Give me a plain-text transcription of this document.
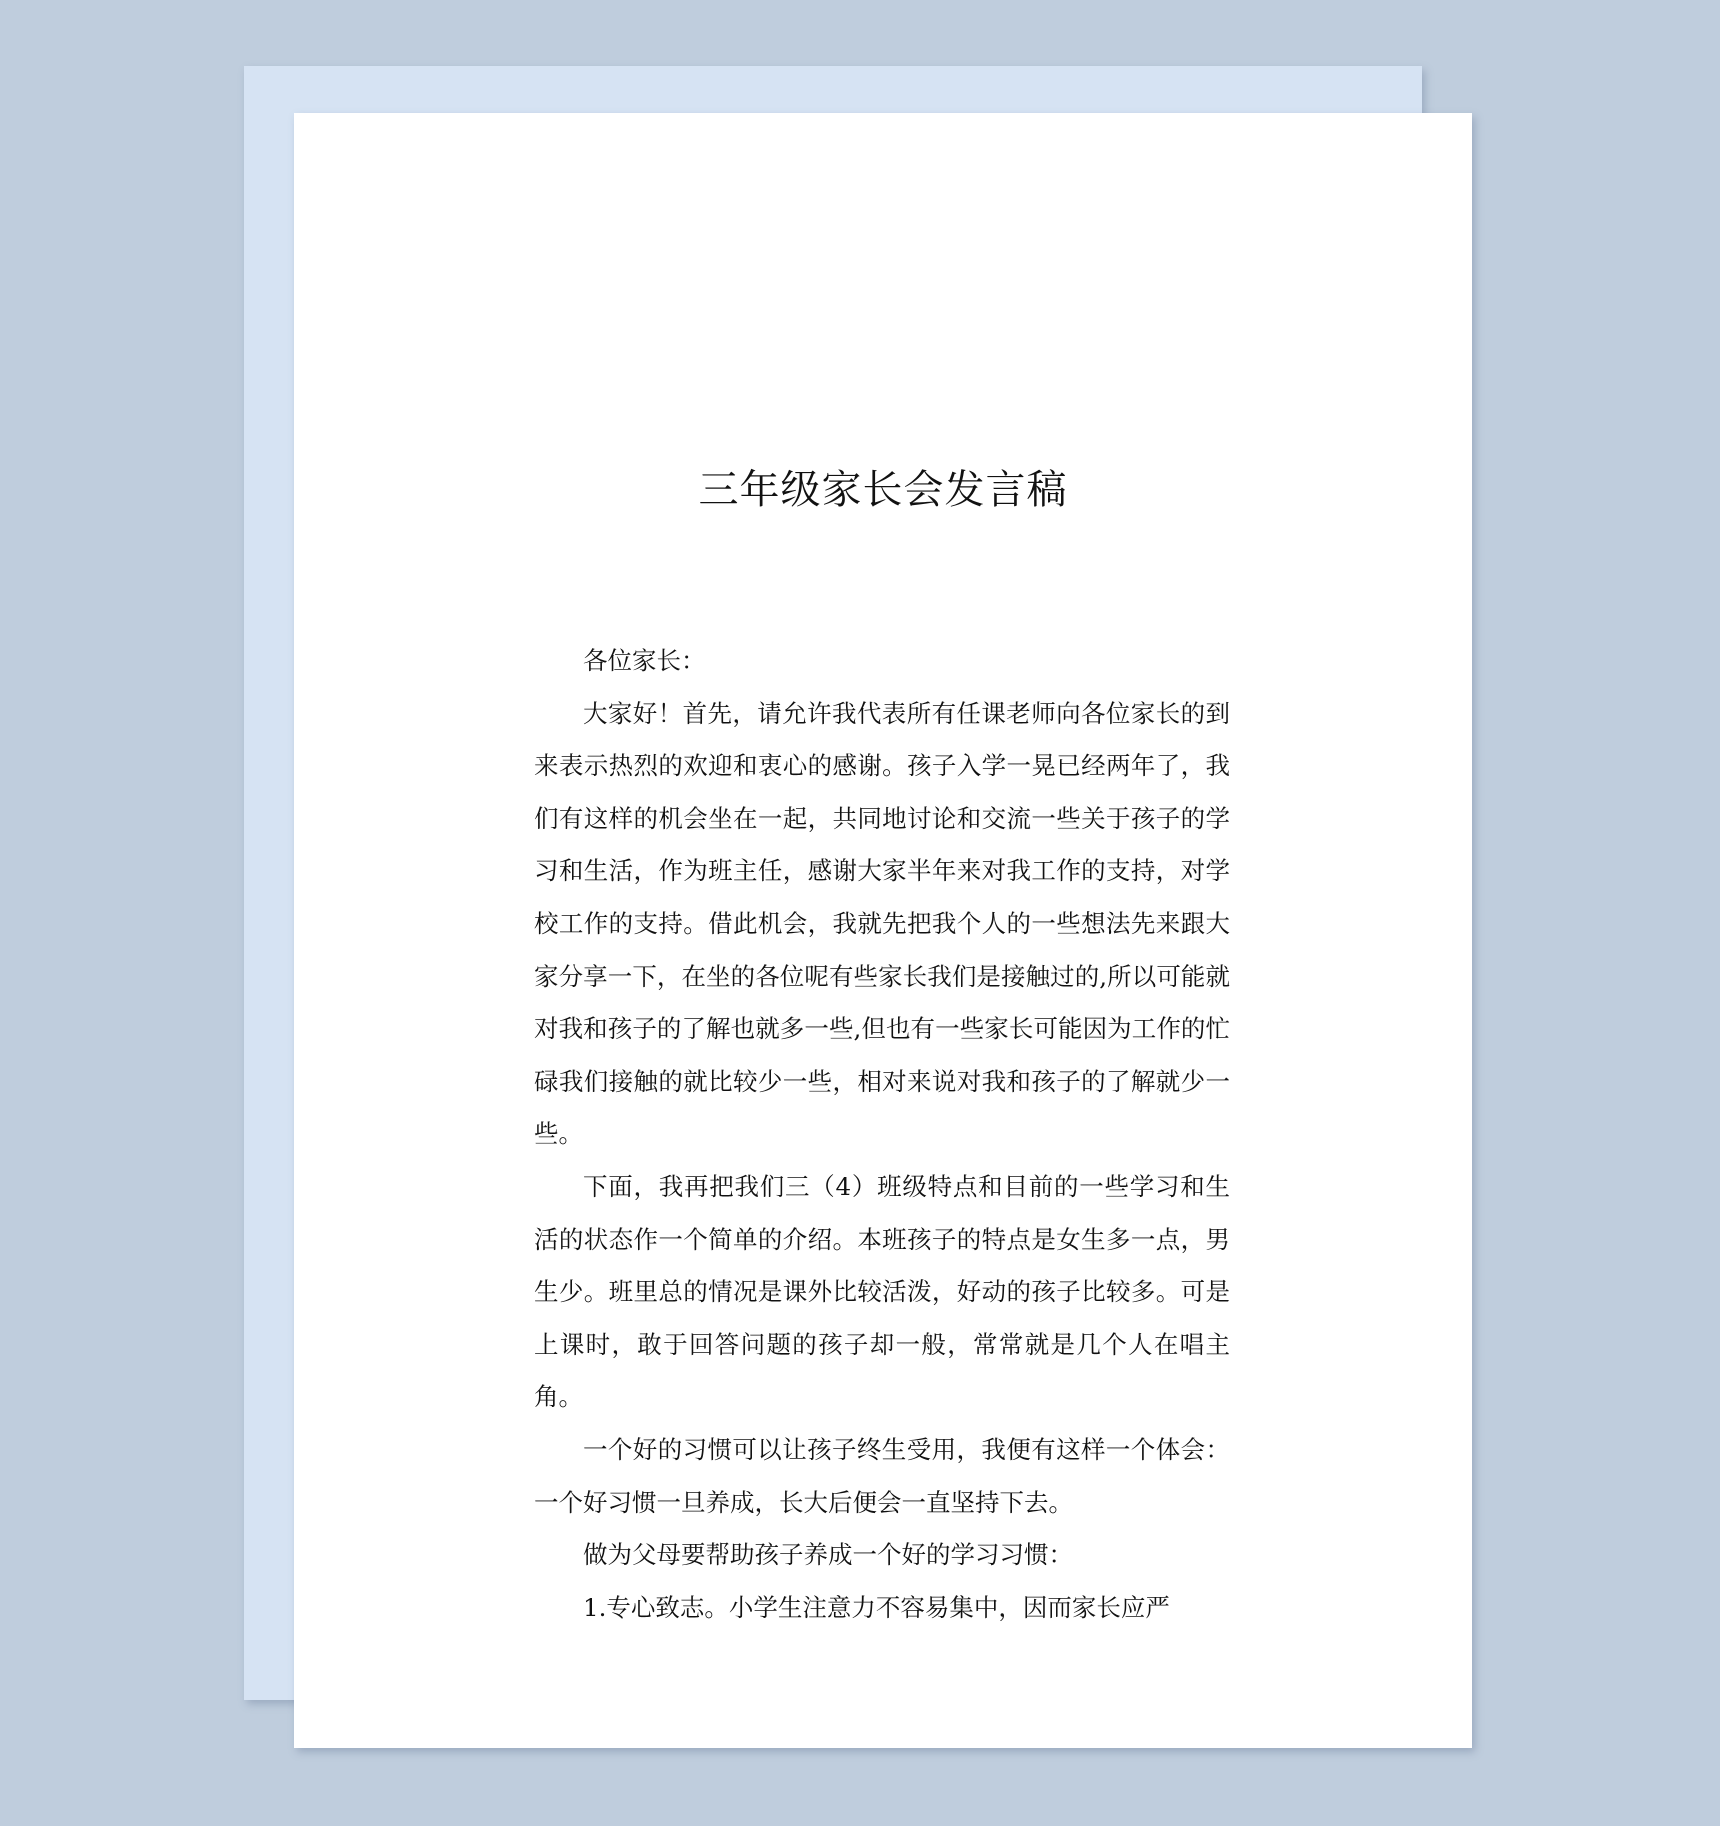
三年级家长会发言稿

各位家长：

大家好！首先，请允许我代表所有任课老师向各位家长的到来表示热烈的欢迎和衷心的感谢。孩子入学一晃已经两年了，我们有这样的机会坐在一起，共同地讨论和交流一些关于孩子的学习和生活，作为班主任，感谢大家半年来对我工作的支持，对学校工作的支持。借此机会，我就先把我个人的一些想法先来跟大家分享一下，在坐的各位呢有些家长我们是接触过的,所以可能就对我和孩子的了解也就多一些,但也有一些家长可能因为工作的忙碌我们接触的就比较少一些，相对来说对我和孩子的了解就少一些。

下面，我再把我们三（4）班级特点和目前的一些学习和生活的状态作一个简单的介绍。本班孩子的特点是女生多一点，男生少。班里总的情况是课外比较活泼，好动的孩子比较多。可是上课时，敢于回答问题的孩子却一般，常常就是几个人在唱主角。

一个好的习惯可以让孩子终生受用，我便有这样一个体会：一个好习惯一旦养成，长大后便会一直坚持下去。

做为父母要帮助孩子养成一个好的学习习惯：

1.专心致志。小学生注意力不容易集中，因而家长应严
